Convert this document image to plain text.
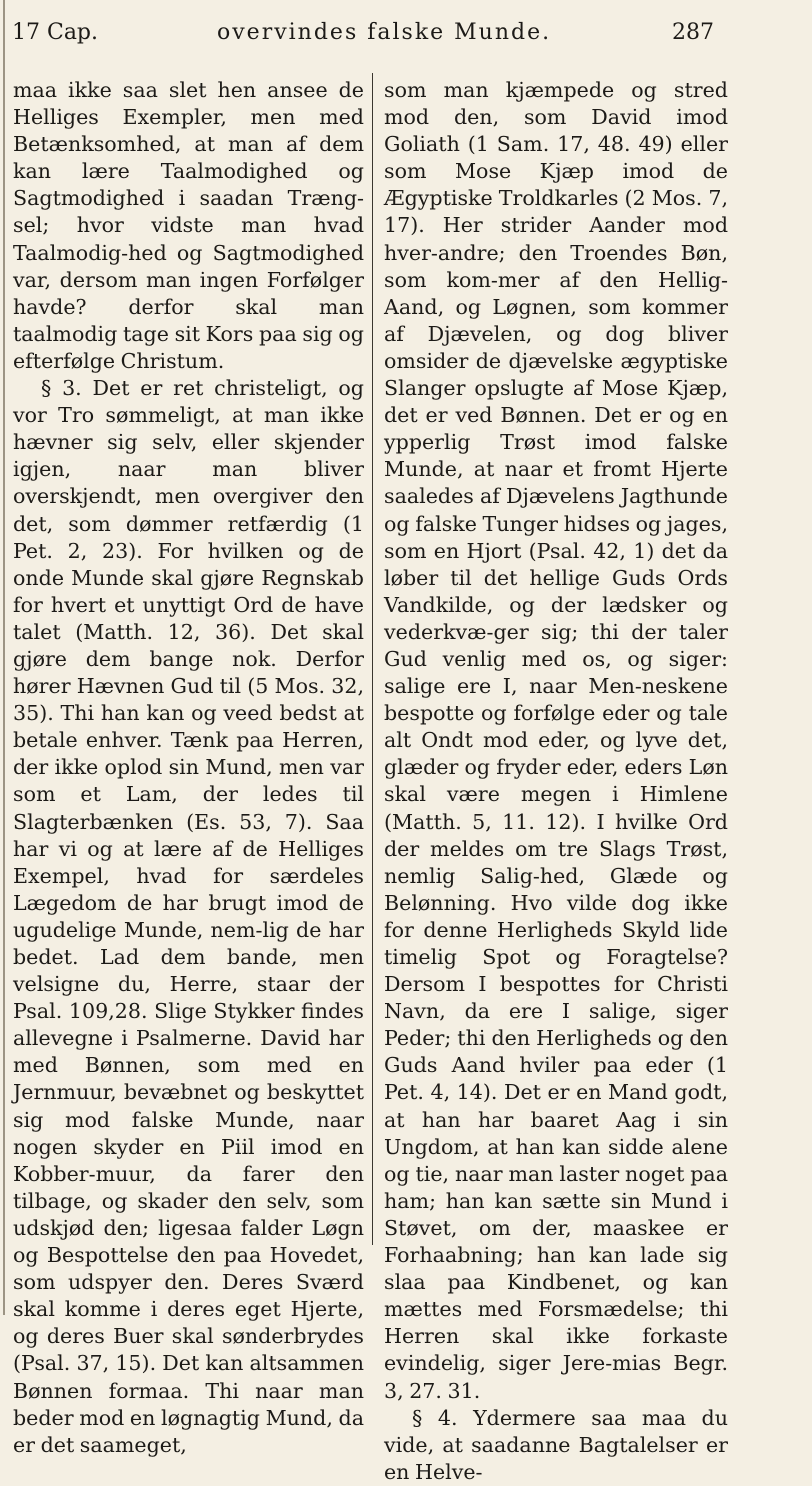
17 Cap.	overvindes falske Munde.	287

maa ikke saa slet hen ansee de Helliges Exempler, men med Betænksomhed, at man af dem kan lære Taalmodighed og Sagtmodighed i saadan Træng-sel; hvor vidste man hvad Taalmodig-hed og Sagtmodighed var, dersom man ingen Forfølger havde? derfor skal man taalmodig tage sit Kors paa sig og efterfølge Christum.

§ 3. Det er ret christeligt, og vor Tro sømmeligt, at man ikke hævner sig selv, eller skjender igjen, naar man bliver overskjendt, men overgiver den det, som dømmer retfærdig (1 Pet. 2, 23). For hvilken og de onde Munde skal gjøre Regnskab for hvert et unyttigt Ord de have talet (Matth. 12, 36). Det skal gjøre dem bange nok. Derfor hører Hævnen Gud til (5 Mos. 32, 35). Thi han kan og veed bedst at betale enhver. Tænk paa Herren, der ikke oplod sin Mund, men var som et Lam, der ledes til Slagterbænken (Es. 53, 7). Saa har vi og at lære af de Helliges Exempel, hvad for særdeles Lægedom de har brugt imod de ugudelige Munde, nem-lig de har bedet. Lad dem bande, men velsigne du, Herre, staar der Psal. 109,28. Slige Stykker findes allevegne i Psalmerne. David har med Bønnen, som med en Jernmuur, bevæbnet og beskyttet sig mod falske Munde, naar nogen skyder en Piil imod en Kobber-muur, da farer den tilbage, og skader den selv, som udskjød den; ligesaa falder Løgn og Bespottelse den paa Hovedet, som udspyer den. Deres Sværd skal komme i deres eget Hjerte, og deres Buer skal sønderbrydes (Psal. 37, 15). Det kan altsammen Bønnen formaa. Thi naar man beder mod en løgnagtig Mund, da er det saameget,

som man kjæmpede og stred mod den, som David imod Goliath (1 Sam. 17, 48. 49) eller som Mose Kjæp imod de Ægyptiske Troldkarles (2 Mos. 7, 17). Her strider Aander mod hver-andre; den Troendes Bøn, som kom-mer af den Hellig-Aand, og Løgnen, som kommer af Djævelen, og dog bliver omsider de djævelske ægyptiske Slanger opslugte af Mose Kjæp, det er ved Bønnen. Det er og en ypperlig Trøst imod falske Munde, at naar et fromt Hjerte saaledes af Djævelens Jagthunde og falske Tunger hidses og jages, som en Hjort (Psal. 42, 1) det da løber til det hellige Guds Ords Vandkilde, og der lædsker og vederkvæ-ger sig; thi der taler Gud venlig med os, og siger: salige ere I, naar Men-neskene bespotte og forfølge eder og tale alt Ondt mod eder, og lyve det, glæder og fryder eder, eders Løn skal være megen i Himlene (Matth. 5, 11. 12). I hvilke Ord der meldes om tre Slags Trøst, nemlig Salig-hed, Glæde og Belønning. Hvo vilde dog ikke for denne Herligheds Skyld lide timelig Spot og Foragtelse? Dersom I bespottes for Christi Navn, da ere I salige, siger Peder; thi den Herligheds og den Guds Aand hviler paa eder (1 Pet. 4, 14). Det er en Mand godt, at han har baaret Aag i sin Ungdom, at han kan sidde alene og tie, naar man laster noget paa ham; han kan sætte sin Mund i Støvet, om der, maaskee er Forhaabning; han kan lade sig slaa paa Kindbenet, og kan mættes med Forsmædelse; thi Herren skal ikke forkaste evindelig, siger Jere-mias Begr. 3, 27. 31.

§ 4. Ydermere saa maa du vide, at saadanne Bagtalelser er en Helve-
